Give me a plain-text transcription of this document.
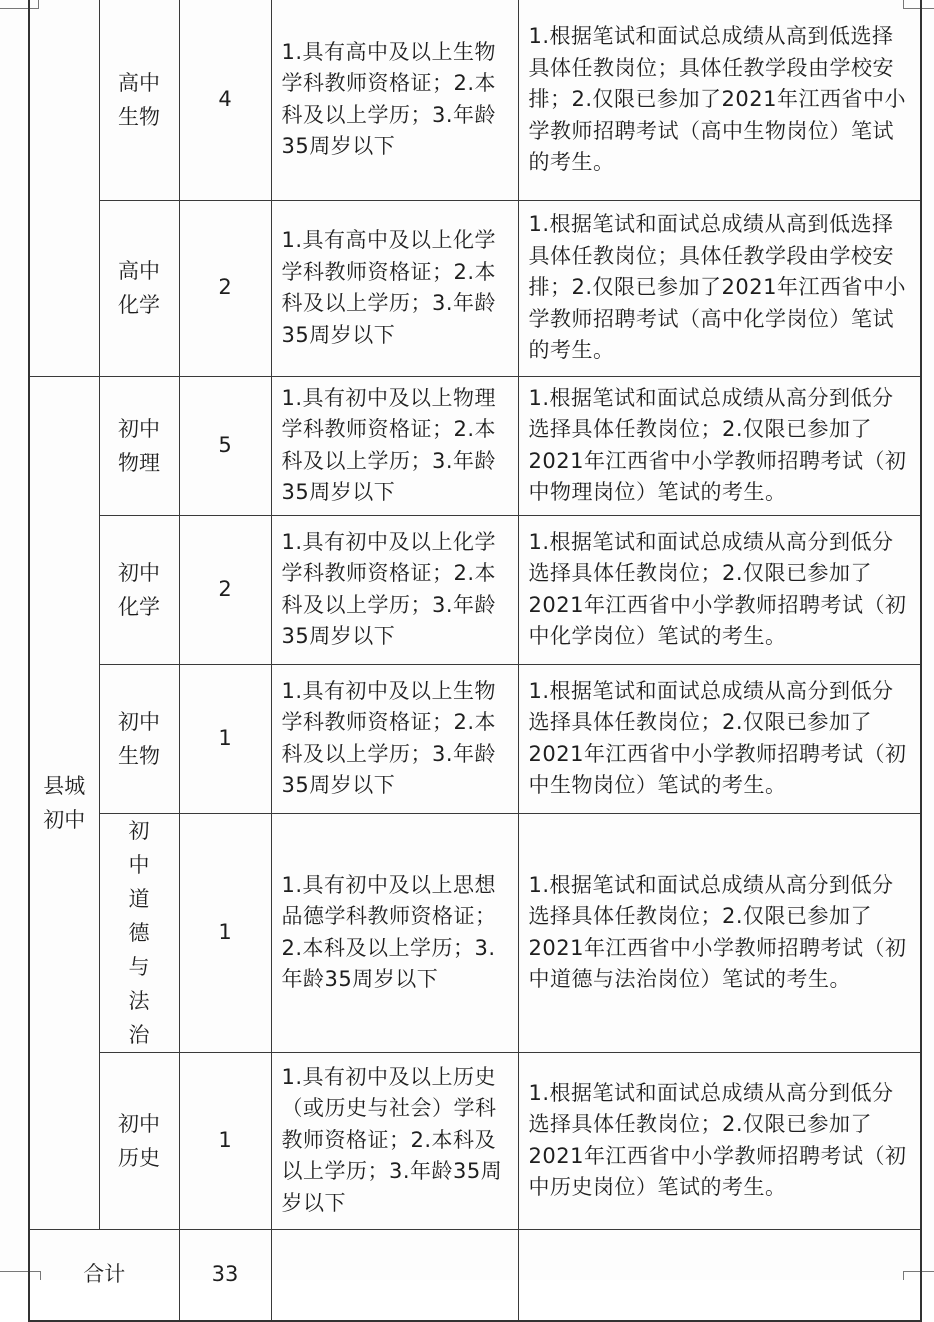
	高中生物	4	1.具有高中及以上生物学科教师资格证；2.本科及以上学历；3.年龄35周岁以下	1.根据笔试和面试总成绩从高到低选择具体任教岗位；具体任教学段由学校安排；2.仅限已参加了2021年江西省中小学教师招聘考试（高中生物岗位）笔试的考生。
	高中化学	2	1.具有高中及以上化学学科教师资格证；2.本科及以上学历；3.年龄35周岁以下	1.根据笔试和面试总成绩从高到低选择具体任教岗位；具体任教学段由学校安排；2.仅限已参加了2021年江西省中小学教师招聘考试（高中化学岗位）笔试的考生。
县城初中	初中物理	5	1.具有初中及以上物理学科教师资格证；2.本科及以上学历；3.年龄35周岁以下	1.根据笔试和面试总成绩从高分到低分选择具体任教岗位；2.仅限已参加了2021年江西省中小学教师招聘考试（初中物理岗位）笔试的考生。
	初中化学	2	1.具有初中及以上化学学科教师资格证；2.本科及以上学历；3.年龄35周岁以下	1.根据笔试和面试总成绩从高分到低分选择具体任教岗位；2.仅限已参加了2021年江西省中小学教师招聘考试（初中化学岗位）笔试的考生。
	初中生物	1	1.具有初中及以上生物学科教师资格证；2.本科及以上学历；3.年龄35周岁以下	1.根据笔试和面试总成绩从高分到低分选择具体任教岗位；2.仅限已参加了2021年江西省中小学教师招聘考试（初中生物岗位）笔试的考生。
	初中道德与法治	1	1.具有初中及以上思想品德学科教师资格证；2.本科及以上学历；3.年龄35周岁以下	1.根据笔试和面试总成绩从高分到低分选择具体任教岗位；2.仅限已参加了2021年江西省中小学教师招聘考试（初中道德与法治岗位）笔试的考生。
	初中历史	1	1.具有初中及以上历史（或历史与社会）学科教师资格证；2.本科及以上学历；3.年龄35周岁以下	1.根据笔试和面试总成绩从高分到低分选择具体任教岗位；2.仅限已参加了2021年江西省中小学教师招聘考试（初中历史岗位）笔试的考生。
合计		33		
